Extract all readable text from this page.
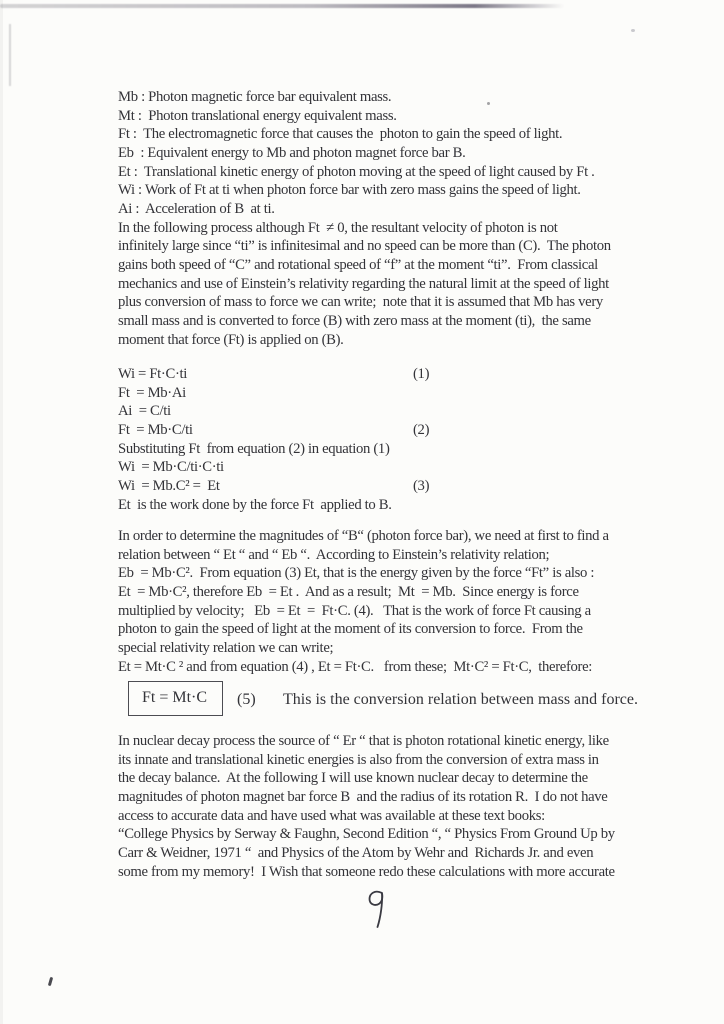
Mb : Photon magnetic force bar equivalent mass.
Mt :  Photon translational energy equivalent mass.
Ft :  The electromagnetic force that causes the  photon to gain the speed of light.
Eb  : Equivalent energy to Mb and photon magnet force bar B.
Et :  Translational kinetic energy of photon moving at the speed of light caused by Ft .
Wi : Work of Ft at ti when photon force bar with zero mass gains the speed of light.
Ai :  Acceleration of B  at ti.
In the following process although Ft  ≠ 0, the resultant velocity of photon is not
infinitely large since “ti” is infinitesimal and no speed can be more than (C).  The photon
gains both speed of “C” and rotational speed of “f” at the moment “ti”.  From classical
mechanics and use of Einstein’s relativity regarding the natural limit at the speed of light
plus conversion of mass to force we can write;  note that it is assumed that Mb has very
small mass and is converted to force (B) with zero mass at the moment (ti),  the same
moment that force (Ft) is applied on (B).
Wi = Ft·C·ti	(1)
Ft  = Mb·Ai
Ai  = C/ti
Ft  = Mb·C/ti	(2)
Substituting Ft  from equation (2) in equation (1)
Wi  = Mb·C/ti·C·ti
Wi  = Mb.C² =  Et	(3)
Et  is the work done by the force Ft  applied to B.
In order to determine the magnitudes of “B“ (photon force bar), we need at first to find a
relation between “ Et “ and “ Eb “.  According to Einstein’s relativity relation;
Eb  = Mb·C².  From equation (3) Et, that is the energy given by the force “Ft” is also :
Et  = Mb·C², therefore Eb  = Et .  And as a result;  Mt  = Mb.  Since energy is force
multiplied by velocity;   Eb  = Et  =  Ft·C. (4).   That is the work of force Ft causing a
photon to gain the speed of light at the moment of its conversion to force.  From the
special relativity relation we can write;
Et = Mt·C ² and from equation (4) , Et = Ft·C.   from these;  Mt·C² = Ft·C,  therefore:
Ft = Mt·C	(5) This is the conversion relation between mass and force.
In nuclear decay process the source of “ Er “ that is photon rotational kinetic energy, like
its innate and translational kinetic energies is also from the conversion of extra mass in
the decay balance.  At the following I will use known nuclear decay to determine the
magnitudes of photon magnet bar force B  and the radius of its rotation R.  I do not have
access to accurate data and have used what was available at these text books:
“College Physics by Serway & Faughn, Second Edition “, “ Physics From Ground Up by
Carr & Weidner, 1971 “  and Physics of the Atom by Wehr and  Richards Jr. and even
some from my memory!  I Wish that someone redo these calculations with more accurate
